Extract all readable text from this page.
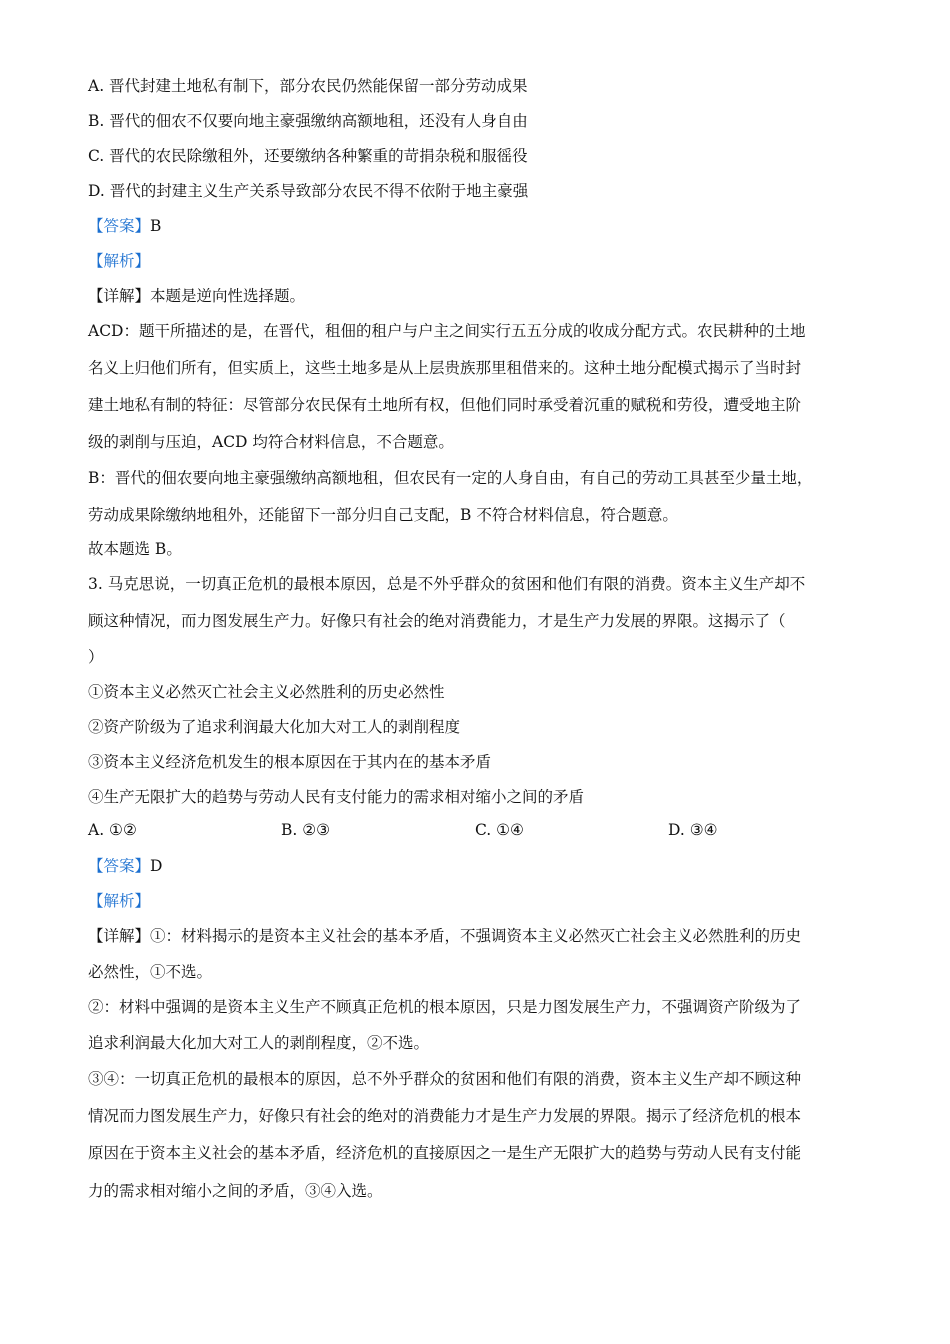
A. 晋代封建土地私有制下，部分农民仍然能保留一部分劳动成果
B. 晋代的佃农不仅要向地主豪强缴纳高额地租，还没有人身自由
C. 晋代的农民除缴租外，还要缴纳各种繁重的苛捐杂税和服徭役
D. 晋代的封建主义生产关系导致部分农民不得不依附于地主豪强
【答案】B
【解析】
【详解】本题是逆向性选择题。
ACD：题干所描述的是，在晋代，租佃的租户与户主之间实行五五分成的收成分配方式。农民耕种的土地
名义上归他们所有，但实质上，这些土地多是从上层贵族那里租借来的。这种土地分配模式揭示了当时封
建土地私有制的特征：尽管部分农民保有土地所有权，但他们同时承受着沉重的赋税和劳役，遭受地主阶
级的剥削与压迫，ACD 均符合材料信息，不合题意。
B：晋代的佃农要向地主豪强缴纳高额地租，但农民有一定的人身自由，有自己的劳动工具甚至少量土地，
劳动成果除缴纳地租外，还能留下一部分归自己支配，B 不符合材料信息，符合题意。
故本题选 B。
3. 马克思说，一切真正危机的最根本原因，总是不外乎群众的贫困和他们有限的消费。资本主义生产却不
顾这种情况，而力图发展生产力。好像只有社会的绝对消费能力，才是生产力发展的界限。这揭示了（
）
①资本主义必然灭亡社会主义必然胜利的历史必然性
②资产阶级为了追求利润最大化加大对工人的剥削程度
③资本主义经济危机发生的根本原因在于其内在的基本矛盾
④生产无限扩大的趋势与劳动人民有支付能力的需求相对缩小之间的矛盾
A. ①②	B. ②③	C. ①④	D. ③④
【答案】D
【解析】
【详解】①：材料揭示的是资本主义社会的基本矛盾，不强调资本主义必然灭亡社会主义必然胜利的历史
必然性，①不选。
②：材料中强调的是资本主义生产不顾真正危机的根本原因，只是力图发展生产力，不强调资产阶级为了
追求利润最大化加大对工人的剥削程度，②不选。
③④：一切真正危机的最根本的原因，总不外乎群众的贫困和他们有限的消费，资本主义生产却不顾这种
情况而力图发展生产力，好像只有社会的绝对的消费能力才是生产力发展的界限。揭示了经济危机的根本
原因在于资本主义社会的基本矛盾，经济危机的直接原因之一是生产无限扩大的趋势与劳动人民有支付能
力的需求相对缩小之间的矛盾，③④入选。
